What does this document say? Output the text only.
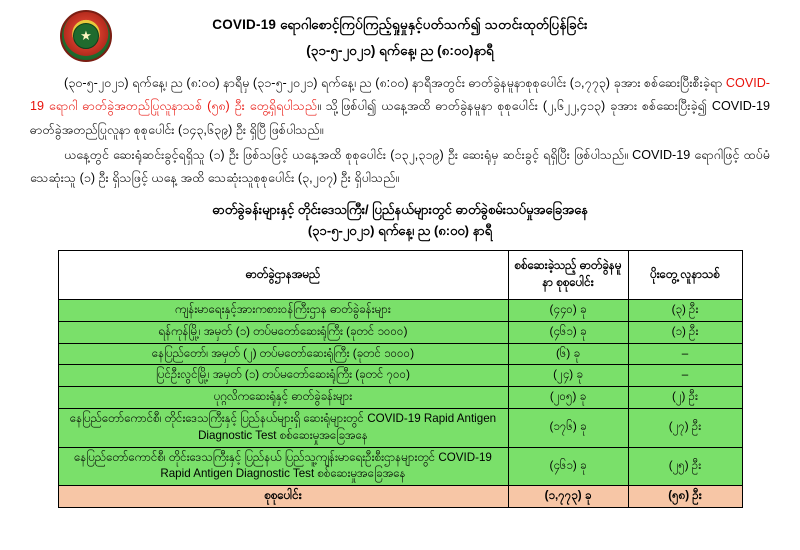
★
COVID-19 ရောဂါစောင့်ကြပ်ကြည့်ရှုမှုနှင့်ပတ်သက်၍ သတင်းထုတ်ပြန်ခြင်း
(၃၁-၅-၂၀၂၁) ရက်နေ့၊ ည (၈:၀၀)နာရီ

(၃၀-၅-၂၀၂၁) ရက်နေ့၊ ည (၈:၀၀) နာရီမှ (၃၁-၅-၂၀၂၁) ရက်နေ့၊ ည (၈:၀၀) နာရီအတွင်း ဓာတ်ခွဲနမူနာစုစုပေါင်း (၁,၇၇၃) ခုအား စစ်ဆေးပြီးစီးခဲ့ရာ COVID-19 ရောဂါ ဓာတ်ခွဲအတည်ပြုလူနာသစ် (၅၈) ဦး တွေ့ရှိရပါသည်။ သို့ဖြစ်ပါ၍ ယနေ့အထိ ဓာတ်ခွဲနမူနာ စုစုပေါင်း (၂,၆၂၂,၄၁၃) ခုအား စစ်ဆေးပြီးခဲ့၍ COVID-19 ဓာတ်ခွဲအတည်ပြုလူနာ စုစုပေါင်း (၁၄၃,၆၃၉) ဦး ရှိပြီ ဖြစ်ပါသည်။

ယနေ့တွင် ဆေးရုံဆင်းခွင့်ရရှိသူ (၁) ဦး ဖြစ်သဖြင့် ယနေ့အထိ စုစုပေါင်း (၁၃၂,၃၁၉) ဦး ဆေးရုံမှ ဆင်းခွင့် ရရှိပြီး ဖြစ်ပါသည်။ COVID-19 ရောဂါဖြင့် ထပ်မံသေဆုံးသူ (၁) ဦး ရှိသဖြင့် ယနေ့ အထိ သေဆုံးသူစုစုပေါင်း (၃,၂၀၇) ဦး ရှိပါသည်။

ဓာတ်ခွဲခန်းများနှင့် တိုင်းဒေသကြီး/ ပြည်နယ်များတွင် ဓာတ်ခွဲစမ်းသပ်မှုအခြေအနေ
(၃၁-၅-၂၀၂၁) ရက်နေ့၊ ည (၈:၀၀) နာရီ
ဓာတ်ခွဲဌာနအမည်	စစ်ဆေးခဲ့သည့် ဓာတ်ခွဲနမူနာ စုစုပေါင်း	ပိုးတွေ့ လူနာသစ်
ကျန်းမာရေးနှင့်အားကစားဝန်ကြီးဌာန ဓာတ်ခွဲခန်းများ	(၄၄၀) ခု	(၃) ဦး
ရန်ကုန်မြို့၊ အမှတ် (၁) တပ်မတော်ဆေးရုံကြီး (ခုတင် ၁၀၀၀)	(၄၆၁) ခု	(၁) ဦး
နေပြည်တော်၊ အမှတ် (၂) တပ်မတော်ဆေးရုံကြီး (ခုတင် ၁၀၀၀)	(၆) ခု	–
ပြင်ဦးလွင်မြို့၊ အမှတ် (၁) တပ်မတော်ဆေးရုံကြီး (ခုတင် ၇၀၀)	(၂၄) ခု	–
ပုဂ္ဂလိကဆေးရုံနှင့် ဓာတ်ခွဲခန်းများ	(၂၀၅) ခု	(၂) ဦး
နေပြည်တော်ကောင်စီ၊ တိုင်းဒေသကြီးနှင့် ပြည်နယ်များရှိ ဆေးရုံများတွင် COVID-19 Rapid Antigen Diagnostic Test စစ်ဆေးမှုအခြေအနေ	(၁၇၆) ခု	(၂၇) ဦး
နေပြည်တော်ကောင်စီ၊ တိုင်းဒေသကြီးနှင့် ပြည်နယ် ပြည်သူ့ကျန်းမာရေးဦးစီးဌာနများတွင် COVID-19 Rapid Antigen Diagnostic Test စစ်ဆေးမှုအခြေအနေ	(၄၆၁) ခု	(၂၅) ဦး
စုစုပေါင်း	(၁,၇၇၃) ခု	(၅၈) ဦး
